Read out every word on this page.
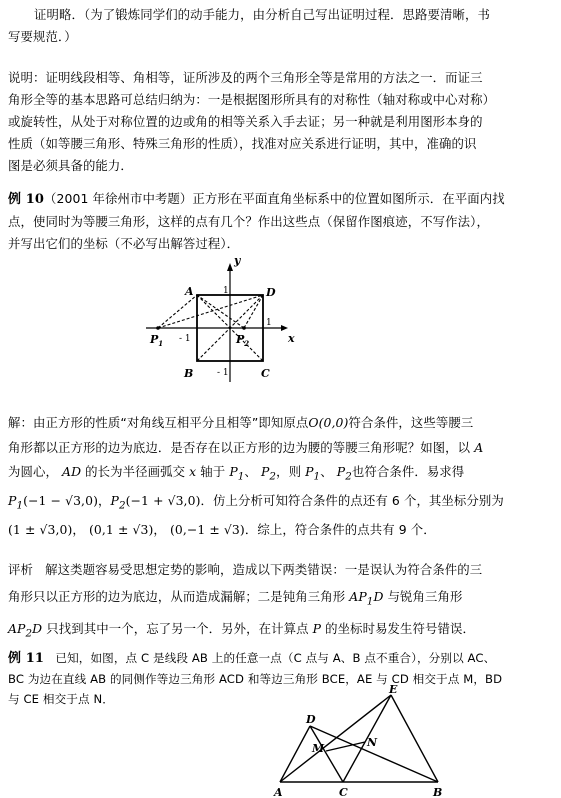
证明略．（为了锻炼同学们的动手能力，由分析自己写出证明过程．思路要清晰，书
写要规范．）
说明：证明线段相等、角相等，证所涉及的两个三角形全等是常用的方法之一．而证三
角形全等的基本思路可总结归纳为：一是根据图形所具有的对称性（轴对称或中心对称）
或旋转性，从处于对称位置的边或角的相等关系入手去证；另一种就是利用图形本身的
性质（如等腰三角形、特殊三角形的性质），找准对应关系进行证明，其中，准确的识
图是必须具备的能力．
例 10（2001 年徐州市中考题）正方形在平面直角坐标系中的位置如图所示．在平面内找
点，使同时为等腰三角形，这样的点有几个？作出这些点（保留作图痕迹，不写作法），
并写出它们的坐标（不必写出解答过程）．
y
A	D
B	C
x
$P_1$	$P_2$
1
1
- 1
- 1
解：由正方形的性质“对角线互相平分且相等”即知原点O(0,0)符合条件，这些等腰三
角形都以正方形的边为底边．是否存在以正方形的边为腰的等腰三角形呢？如图，以 A
为圆心， AD 的长为半径画弧交 x 轴于 $P_1$、 $P_2$，则 $P_1$、 $P_2$也符合条件．易求得
$P_1(-1 - √3,0)$，$P_2(-1 + √3,0)$．仿上分析可知符合条件的点还有 6 个，其坐标分别为
(1 ± √3,0)， (0,1 ± √3)， (0,−1 ± √3)．综上，符合条件的点共有 9 个．
评析 解这类题容易受思想定势的影响，造成以下两类错误：一是误认为符合条件的三
角形只以正方形的边为底边，从而造成漏解；二是钝角三角形 $AP_1D$ 与锐角三角形
$AP_2D$ 只找到其中一个，忘了另一个．另外，在计算点 P 的坐标时易发生符号错误．
例 11 已知，如图，点 C 是线段 AB 上的任意一点（C 点与 A、B 点不重合），分别以 AC、
BC 为边在直线 AB 的同侧作等边三角形 ACD 和等边三角形 BCE，AE 与 CD 相交于点 M，BD
与 CE 相交于点 N．
A	C	B
D
E
M	N
